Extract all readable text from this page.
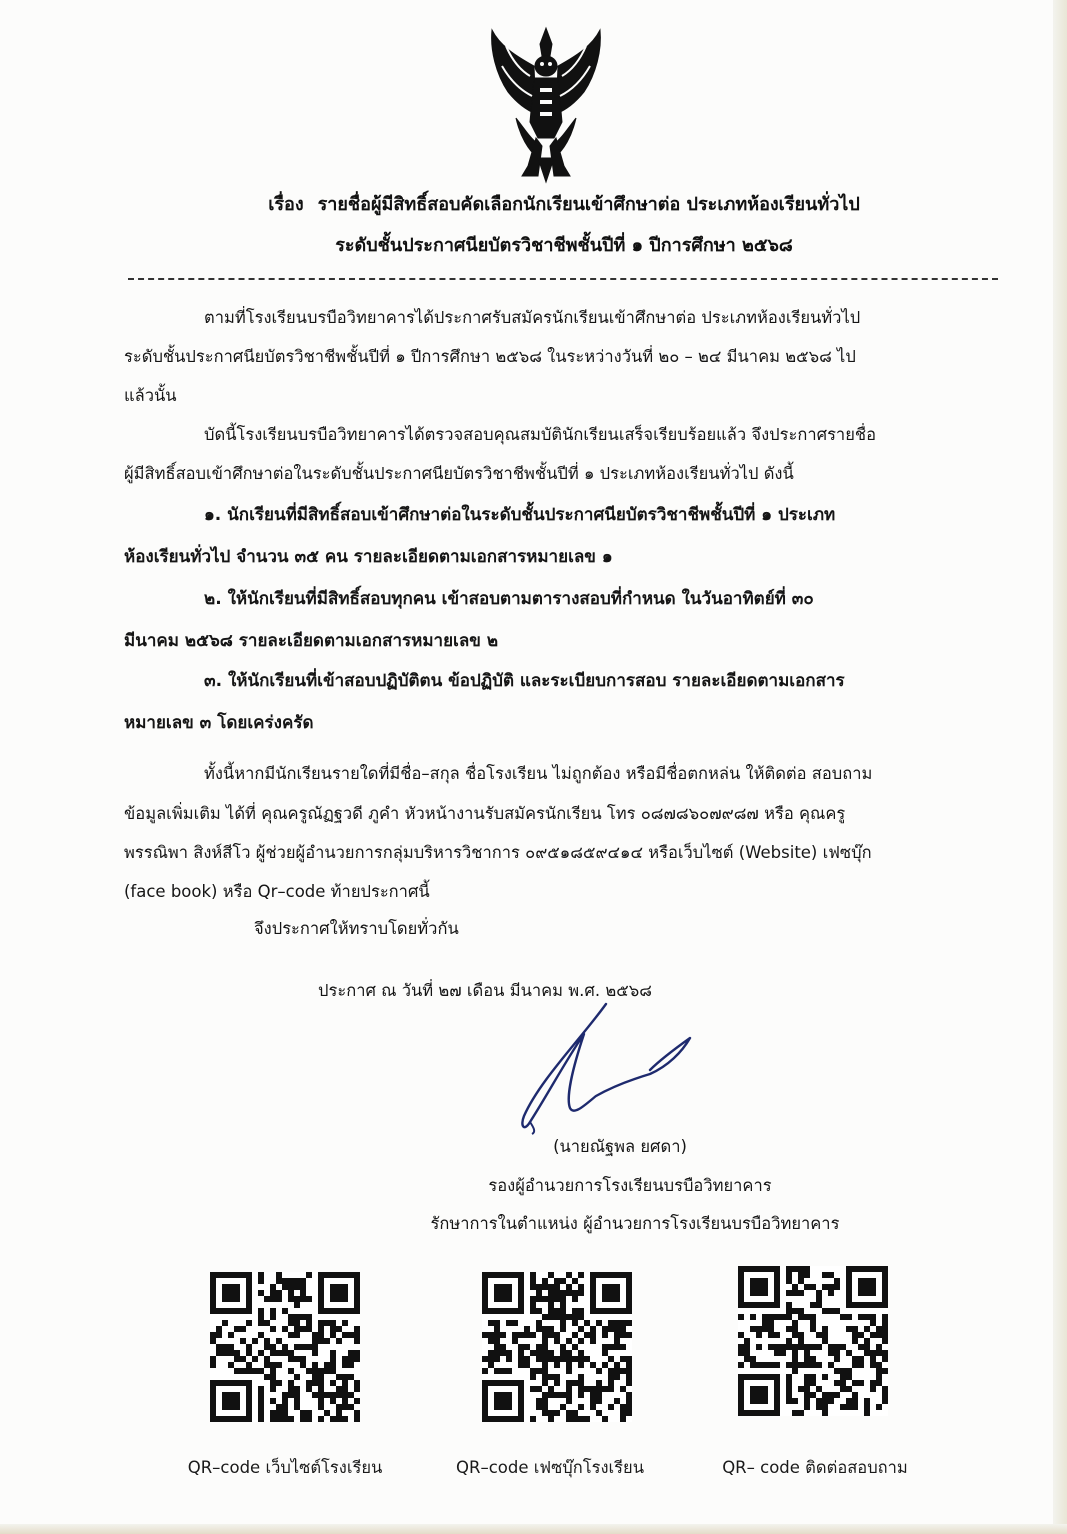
เรื่อง รายชื่อผู้มีสิทธิ์สอบคัดเลือกนักเรียนเข้าศึกษาต่อ ประเภทห้องเรียนทั่วไป
ระดับชั้นประกาศนียบัตรวิชาชีพชั้นปีที่ ๑ ปีการศึกษา ๒๕๖๘
ตามที่โรงเรียนบรบือวิทยาคารได้ประกาศรับสมัครนักเรียนเข้าศึกษาต่อ ประเภทห้องเรียนทั่วไป
ระดับชั้นประกาศนียบัตรวิชาชีพชั้นปีที่ ๑ ปีการศึกษา ๒๕๖๘ ในระหว่างวันที่ ๒๐ – ๒๔ มีนาคม ๒๕๖๘ ไป
แล้วนั้น
บัดนี้โรงเรียนบรบือวิทยาคารได้ตรวจสอบคุณสมบัตินักเรียนเสร็จเรียบร้อยแล้ว จึงประกาศรายชื่อ
ผู้มีสิทธิ์สอบเข้าศึกษาต่อในระดับชั้นประกาศนียบัตรวิชาชีพชั้นปีที่ ๑ ประเภทห้องเรียนทั่วไป ดังนี้
๑. นักเรียนที่มีสิทธิ์สอบเข้าศึกษาต่อในระดับชั้นประกาศนียบัตรวิชาชีพชั้นปีที่ ๑ ประเภท
ห้องเรียนทั่วไป จำนวน ๓๕ คน รายละเอียดตามเอกสารหมายเลข ๑
๒. ให้นักเรียนที่มีสิทธิ์สอบทุกคน เข้าสอบตามตารางสอบที่กำหนด ในวันอาทิตย์ที่ ๓๐
มีนาคม ๒๕๖๘ รายละเอียดตามเอกสารหมายเลข ๒
๓. ให้นักเรียนที่เข้าสอบปฏิบัติตน ข้อปฏิบัติ และระเบียบการสอบ รายละเอียดตามเอกสาร
หมายเลข ๓ โดยเคร่งครัด
ทั้งนี้หากมีนักเรียนรายใดที่มีชื่อ–สกุล ชื่อโรงเรียน ไม่ถูกต้อง หรือมีชื่อตกหล่น ให้ติดต่อ สอบถาม
ข้อมูลเพิ่มเติม ได้ที่ คุณครูณัฏฐวดี ภูคำ หัวหน้างานรับสมัครนักเรียน โทร ๐๘๗๘๖๐๗๙๘๗ หรือ คุณครู
พรรณิพา สิงห์สีโว ผู้ช่วยผู้อำนวยการกลุ่มบริหารวิชาการ ๐๙๕๑๘๕๙๔๑๔ หรือเว็บไซต์ (Website) เฟซบุ๊ก
(face book) หรือ Qr–code ท้ายประกาศนี้
จึงประกาศให้ทราบโดยทั่วกัน
ประกาศ ณ วันที่ ๒๗ เดือน มีนาคม พ.ศ. ๒๕๖๘
(นายณัฐพล ยศดา)
รองผู้อำนวยการโรงเรียนบรบือวิทยาคาร
รักษาการในตำแหน่ง ผู้อำนวยการโรงเรียนบรบือวิทยาคาร
QR–code เว็บไซต์โรงเรียน	QR–code เฟซบุ๊กโรงเรียน	QR– code ติดต่อสอบถาม
